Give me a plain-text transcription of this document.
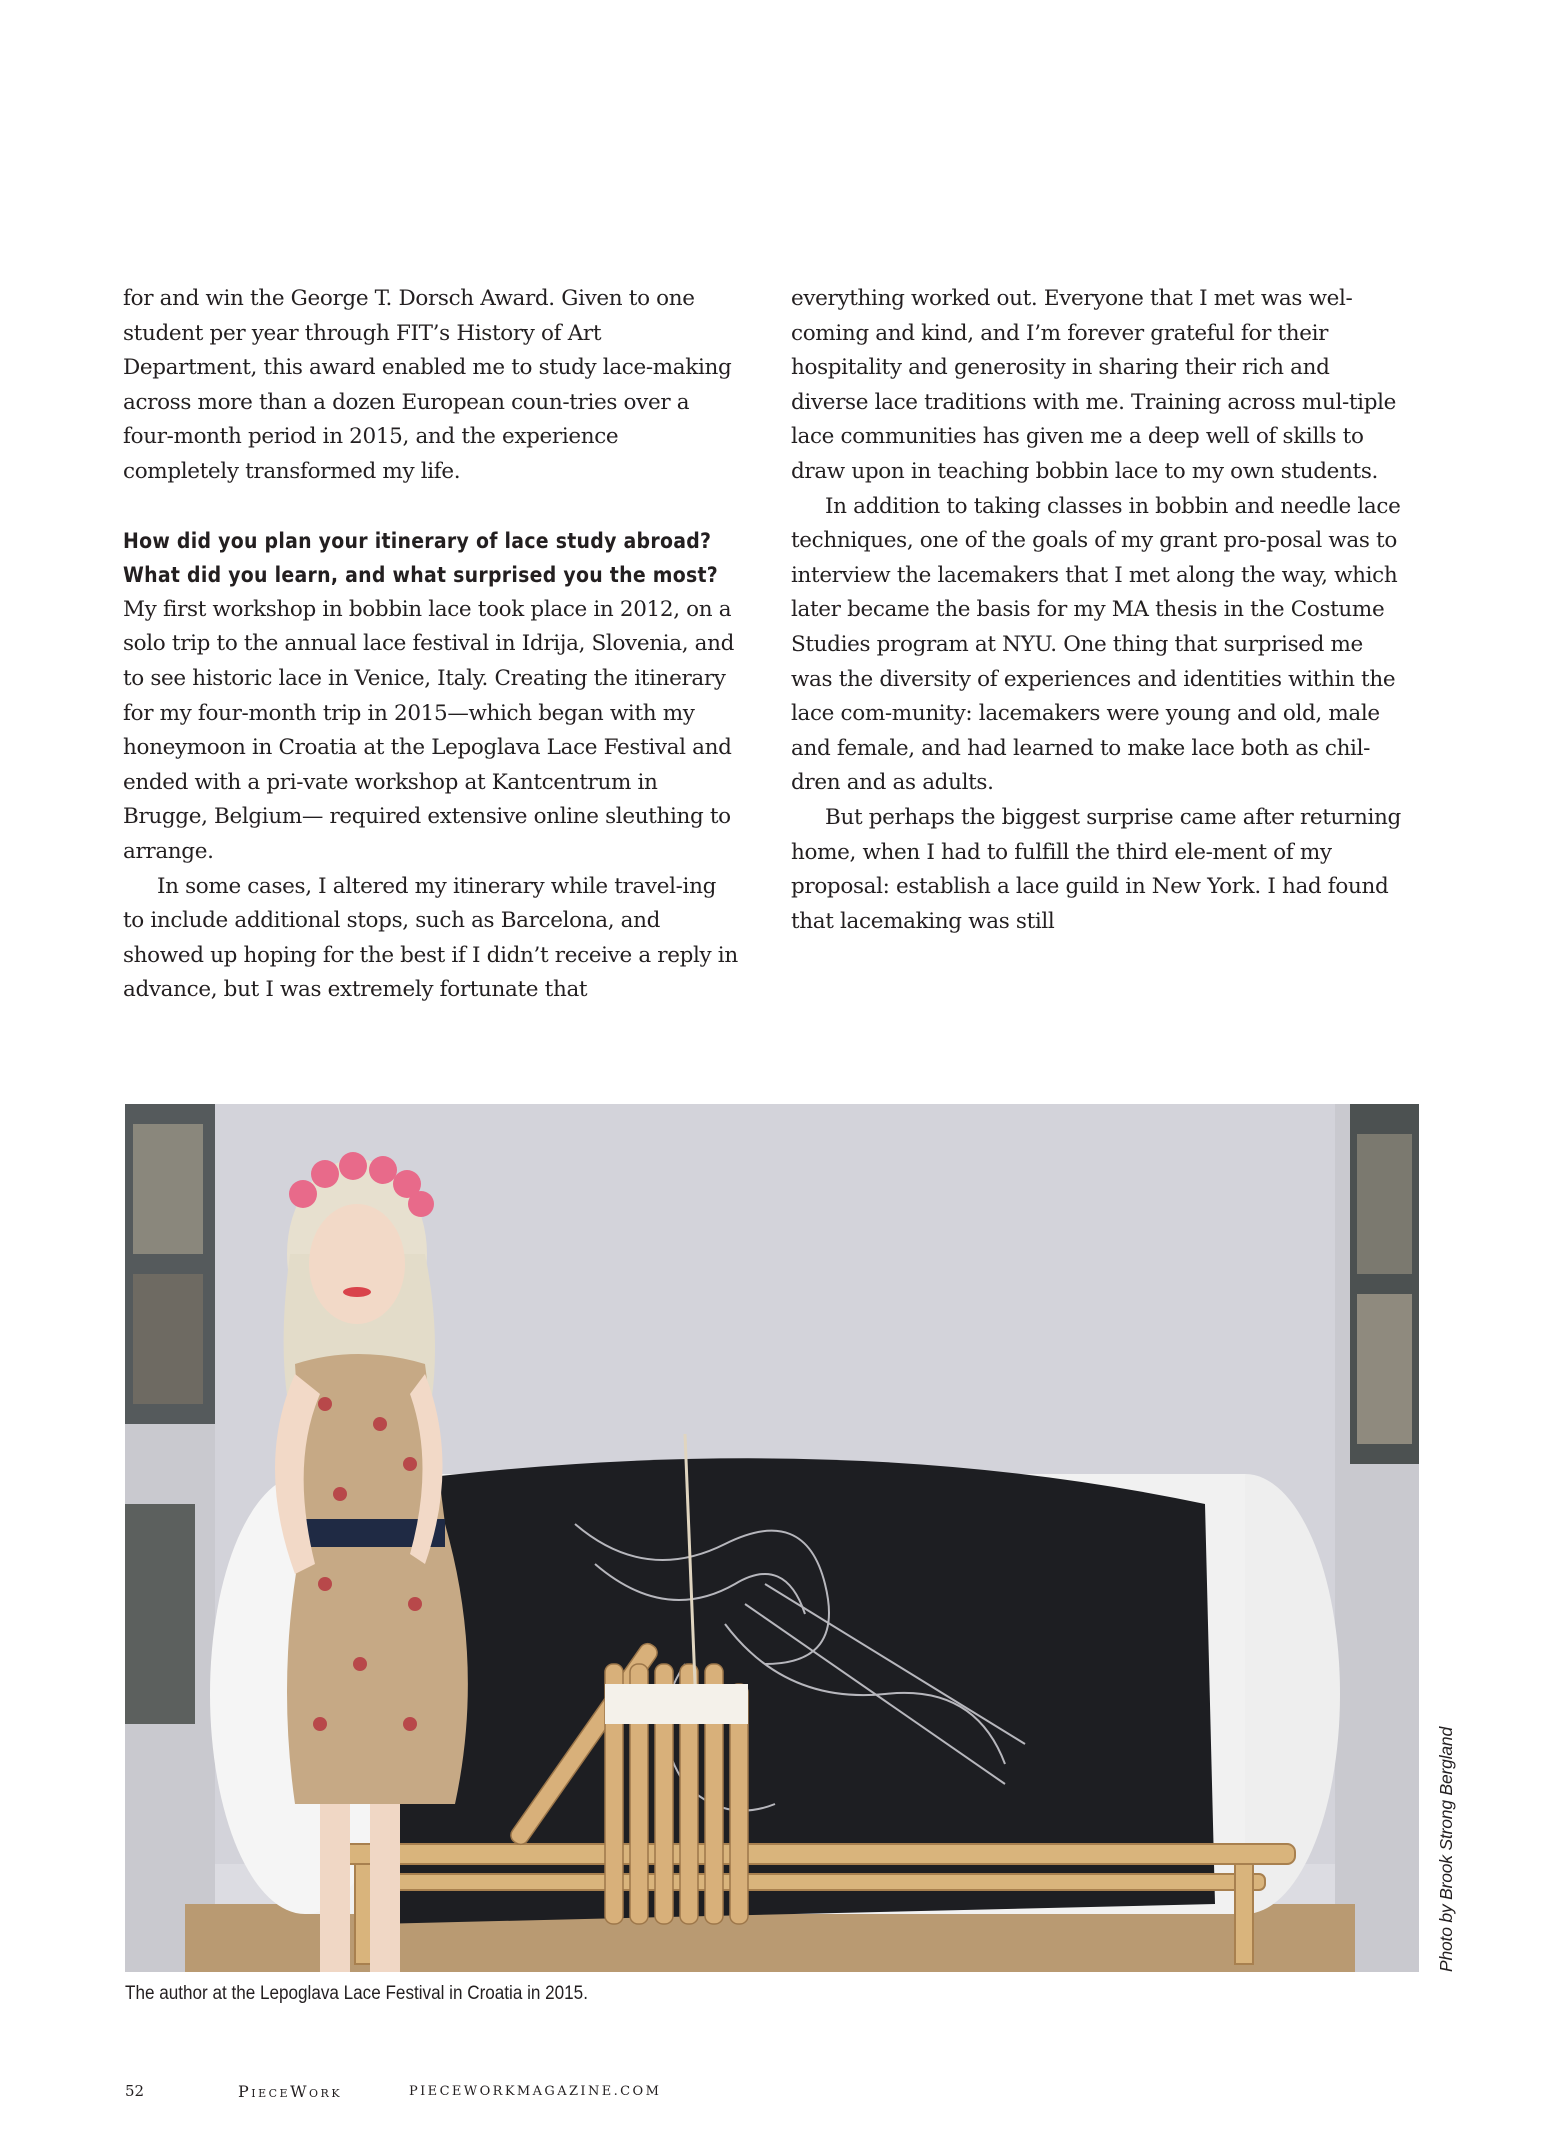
for and win the George T. Dorsch Award. Given to one student per year through FIT’s History of Art Department, this award enabled me to study lace-making across more than a dozen European coun-tries over a four-month period in 2015, and the experience completely transformed my life.

How did you plan your itinerary of lace study abroad?
What did you learn, and what surprised you the most?

My first workshop in bobbin lace took place in 2012, on a solo trip to the annual lace festival in Idrija, Slovenia, and to see historic lace in Venice, Italy. Creating the itinerary for my four-month trip in 2015—which began with my honeymoon in Croatia at the Lepoglava Lace Festival and ended with a pri-vate workshop at Kantcentrum in Brugge, Belgium— required extensive online sleuthing to arrange.

In some cases, I altered my itinerary while travel-ing to include additional stops, such as Barcelona, and showed up hoping for the best if I didn’t receive a reply in advance, but I was extremely fortunate that

everything worked out. Everyone that I met was wel-coming and kind, and I’m forever grateful for their hospitality and generosity in sharing their rich and diverse lace traditions with me. Training across mul-tiple lace communities has given me a deep well of skills to draw upon in teaching bobbin lace to my own students.

In addition to taking classes in bobbin and needle lace techniques, one of the goals of my grant pro-posal was to interview the lacemakers that I met along the way, which later became the basis for my MA thesis in the Costume Studies program at NYU. One thing that surprised me was the diversity of experiences and identities within the lace com-munity: lacemakers were young and old, male and female, and had learned to make lace both as chil-dren and as adults.

But perhaps the biggest surprise came after returning home, when I had to fulfill the third ele-ment of my proposal: establish a lace guild in New York. I had found that lacemaking was still

Photo by Brook Strong Bergland
The author at the Lepoglava Lace Festival in Croatia in 2015.
52	PieceWork	PIECEWORKMAGAZINE.COM
